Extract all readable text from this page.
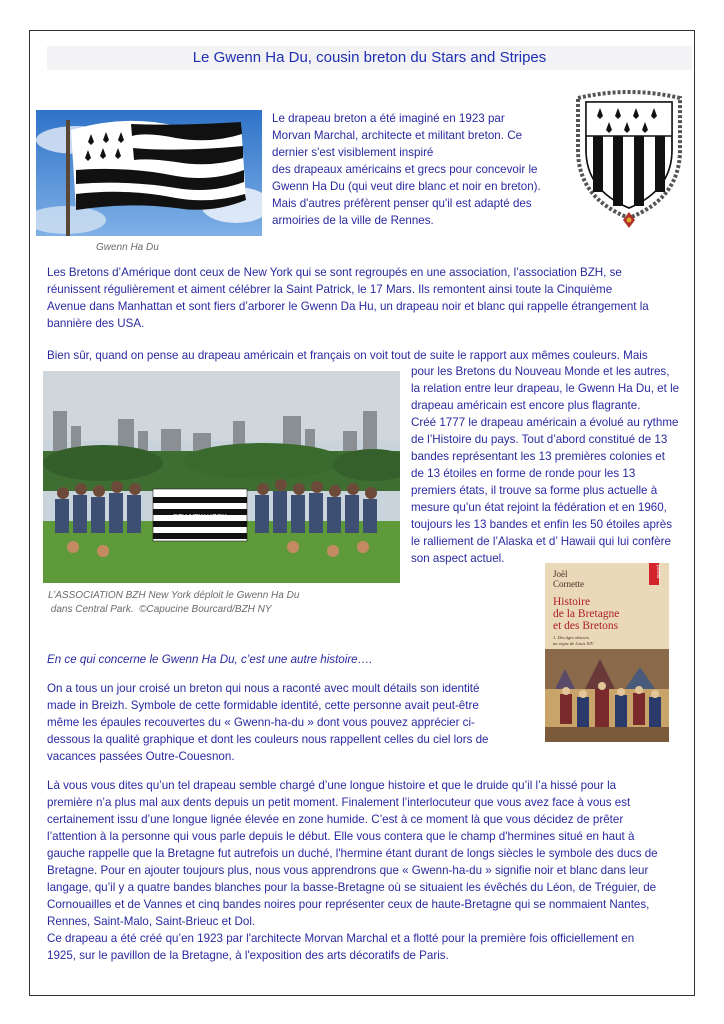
Le Gwenn Ha Du, cousin breton du Stars and Stripes

Gwenn Ha Du

Le drapeau breton a été imaginé en 1923 par
Morvan Marchal, architecte et militant breton. Ce
dernier s'est visiblement inspiré
des drapeaux américains et grecs pour concevoir le
Gwenn Ha Du (qui veut dire blanc et noir en breton).
Mais d'autres préfèrent penser qu'il est adapté des
armoiries de la ville de Rennes.
Les Bretons d’Amérique dont ceux de New York qui se sont regroupés en une association, l’association BZH, se
réunissent régulièrement et aiment célébrer la Saint Patrick, le 17 Mars. Ils remontent ainsi toute la Cinquième
Avenue dans Manhattan et sont fiers d’arborer le Gwenn Da Hu, un drapeau noir et blanc qui rappelle étrangement la
bannière des USA.
Bien sûr, quand on pense au drapeau américain et français on voit tout de suite le rapport aux mêmes couleurs. Mais
BZH NEW YORK
pour les Bretons du Nouveau Monde et les autres,
la relation entre leur drapeau, le Gwenn Ha Du, et le
drapeau américain est encore plus flagrante.
Créé 1777 le drapeau américain a évolué au rythme
de l’Histoire du pays. Tout d’abord constitué de 13
bandes représentant les 13 premières colonies et
de 13 étoiles en forme de ronde pour les 13
premiers états, il trouve sa forme plus actuelle à
mesure qu’un état rejoint la fédération et en 1960,
toujours les 13 bandes et enfin les 50 étoiles après
le ralliement de l’Alaska et d’ Hawaii qui lui confère
son aspect actuel.
L’ASSOCIATION BZH New York déploit le Gwenn Ha Du
dans Central Park.  ©Capucine Bourcard/BZH NY
points
Joël
Cornette
Histoire
de la Bretagne
et des Bretons
1. Des âges obscurs
au règne de Louis XIV
En ce qui concerne le Gwenn Ha Du, c’est une autre histoire….
On a tous un jour croisé un breton qui nous a raconté avec moult détails son identité
made in Breizh. Symbole de cette formidable identité, cette personne avait peut-être
même les épaules recouvertes du « Gwenn-ha-du » dont vous pouvez apprécier ci-
dessous la qualité graphique et dont les couleurs nous rappellent celles du ciel lors de
vacances passées Outre-Couesnon.
Là vous vous dites qu’un tel drapeau semble chargé d’une longue histoire et que le druide qu’il l’a hissé pour la
première n’a plus mal aux dents depuis un petit moment. Finalement l’interlocuteur que vous avez face à vous est
certainement issu d’une longue lignée élevée en zone humide. C’est à ce moment là que vous décidez de prêter
l’attention à la personne qui vous parle depuis le début. Elle vous contera que le champ d'hermines situé en haut à
gauche rappelle que la Bretagne fut autrefois un duché, l'hermine étant durant de longs siècles le symbole des ducs de
Bretagne. Pour en ajouter toujours plus, nous vous apprendrons que « Gwenn-ha-du » signifie noir et blanc dans leur
langage, qu’il y a quatre bandes blanches pour la basse-Bretagne où se situaient les évêchés du Léon, de Tréguier, de
Cornouailles et de Vannes et cinq bandes noires pour représenter ceux de haute-Bretagne qui se nommaient Nantes,
Rennes, Saint-Malo, Saint-Brieuc et Dol.
Ce drapeau a été créé qu’en 1923 par l'architecte Morvan Marchal et a flotté pour la première fois officiellement en
1925, sur le pavillon de la Bretagne, à l'exposition des arts décoratifs de Paris.
